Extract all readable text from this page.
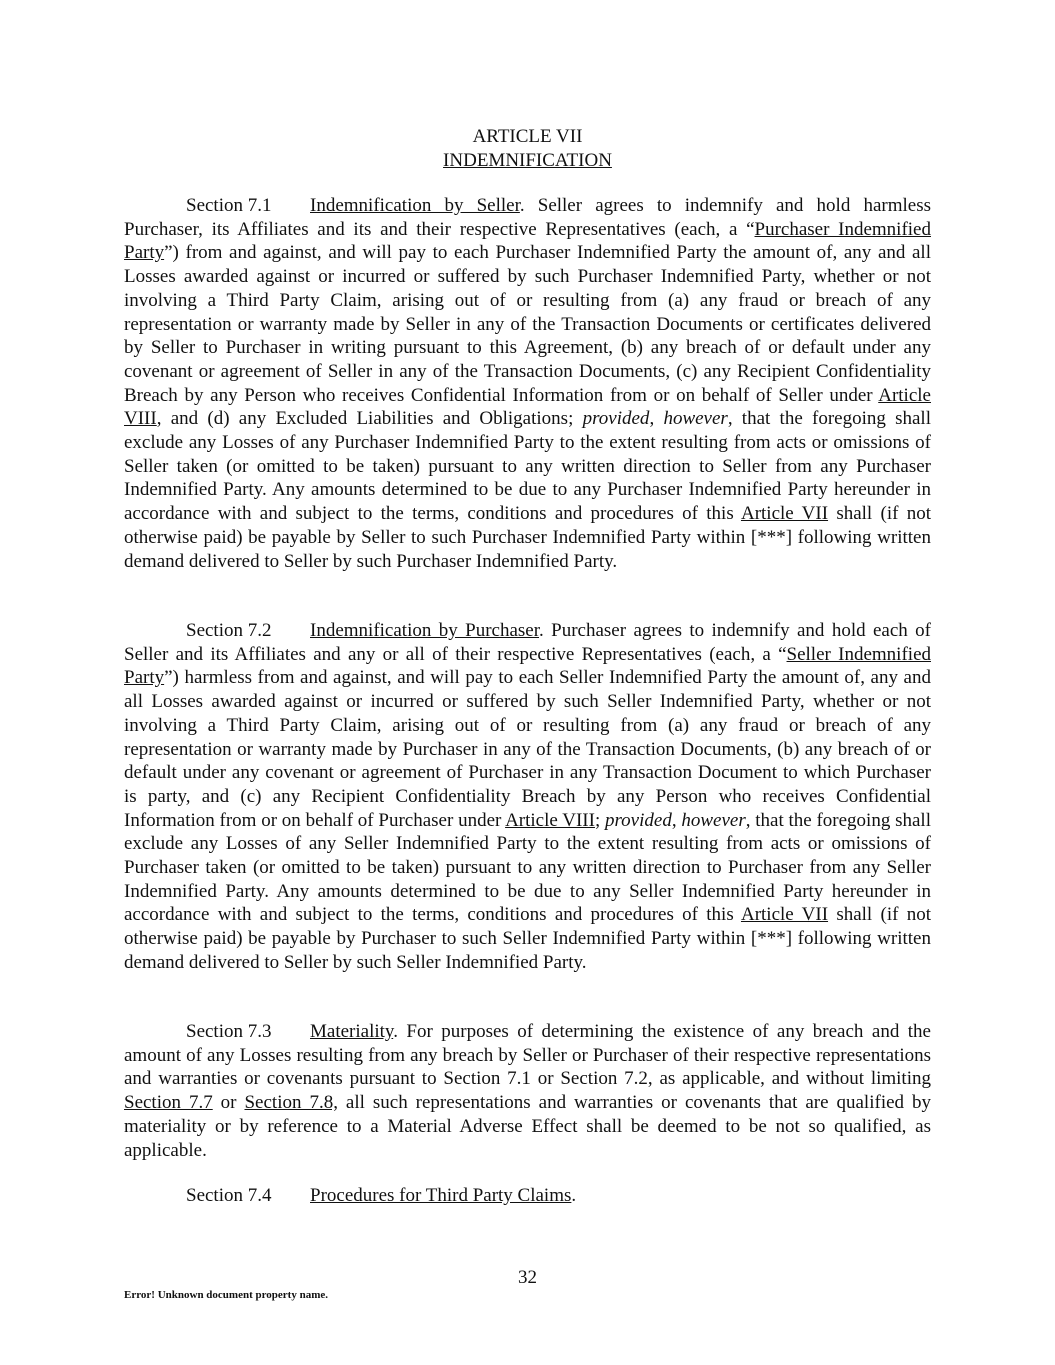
ARTICLE VII
INDEMNIFICATION

Section 7.1 Indemnification by Seller. Seller agrees to indemnify and hold harmless Purchaser, its Affiliates and its and their respective Representatives (each, a “Purchaser Indemnified Party”) from and against, and will pay to each Purchaser Indemnified Party the amount of, any and all Losses awarded against or incurred or suffered by such Purchaser Indemnified Party, whether or not involving a Third Party Claim, arising out of or resulting from (a) any fraud or breach of any representation or warranty made by Seller in any of the Transaction Documents or certificates delivered by Seller to Purchaser in writing pursuant to this Agreement, (b) any breach of or default under any covenant or agreement of Seller in any of the Transaction Documents, (c) any Recipient Confidentiality Breach by any Person who receives Confidential Information from or on behalf of Seller under Article VIII, and (d) any Excluded Liabilities and Obligations; provided, however, that the foregoing shall exclude any Losses of any Purchaser Indemnified Party to the extent resulting from acts or omissions of Seller taken (or omitted to be taken) pursuant to any written direction to Seller from any Purchaser Indemnified Party. Any amounts determined to be due to any Purchaser Indemnified Party hereunder in accordance with and subject to the terms, conditions and procedures of this Article VII shall (if not otherwise paid) be payable by Seller to such Purchaser Indemnified Party within [***] following written demand delivered to Seller by such Purchaser Indemnified Party.

Section 7.2 Indemnification by Purchaser. Purchaser agrees to indemnify and hold each of Seller and its Affiliates and any or all of their respective Representatives (each, a “Seller Indemnified Party”) harmless from and against, and will pay to each Seller Indemnified Party the amount of, any and all Losses awarded against or incurred or suffered by such Seller Indemnified Party, whether or not involving a Third Party Claim, arising out of or resulting from (a) any fraud or breach of any representation or warranty made by Purchaser in any of the Transaction Documents, (b) any breach of or default under any covenant or agreement of Purchaser in any Transaction Document to which Purchaser is party, and (c) any Recipient Confidentiality Breach by any Person who receives Confidential Information from or on behalf of Purchaser under Article VIII; provided, however, that the foregoing shall exclude any Losses of any Seller Indemnified Party to the extent resulting from acts or omissions of Purchaser taken (or omitted to be taken) pursuant to any written direction to Purchaser from any Seller Indemnified Party. Any amounts determined to be due to any Seller Indemnified Party hereunder in accordance with and subject to the terms, conditions and procedures of this Article VII shall (if not otherwise paid) be payable by Purchaser to such Seller Indemnified Party within [***] following written demand delivered to Seller by such Seller Indemnified Party.

Section 7.3 Materiality. For purposes of determining the existence of any breach and the amount of any Losses resulting from any breach by Seller or Purchaser of their respective representations and warranties or covenants pursuant to Section 7.1 or Section 7.2, as applicable, and without limiting Section 7.7 or Section 7.8, all such representations and warranties or covenants that are qualified by materiality or by reference to a Material Adverse Effect shall be deemed to be not so qualified, as applicable.

Section 7.4 Procedures for Third Party Claims.

32
Error! Unknown document property name.
